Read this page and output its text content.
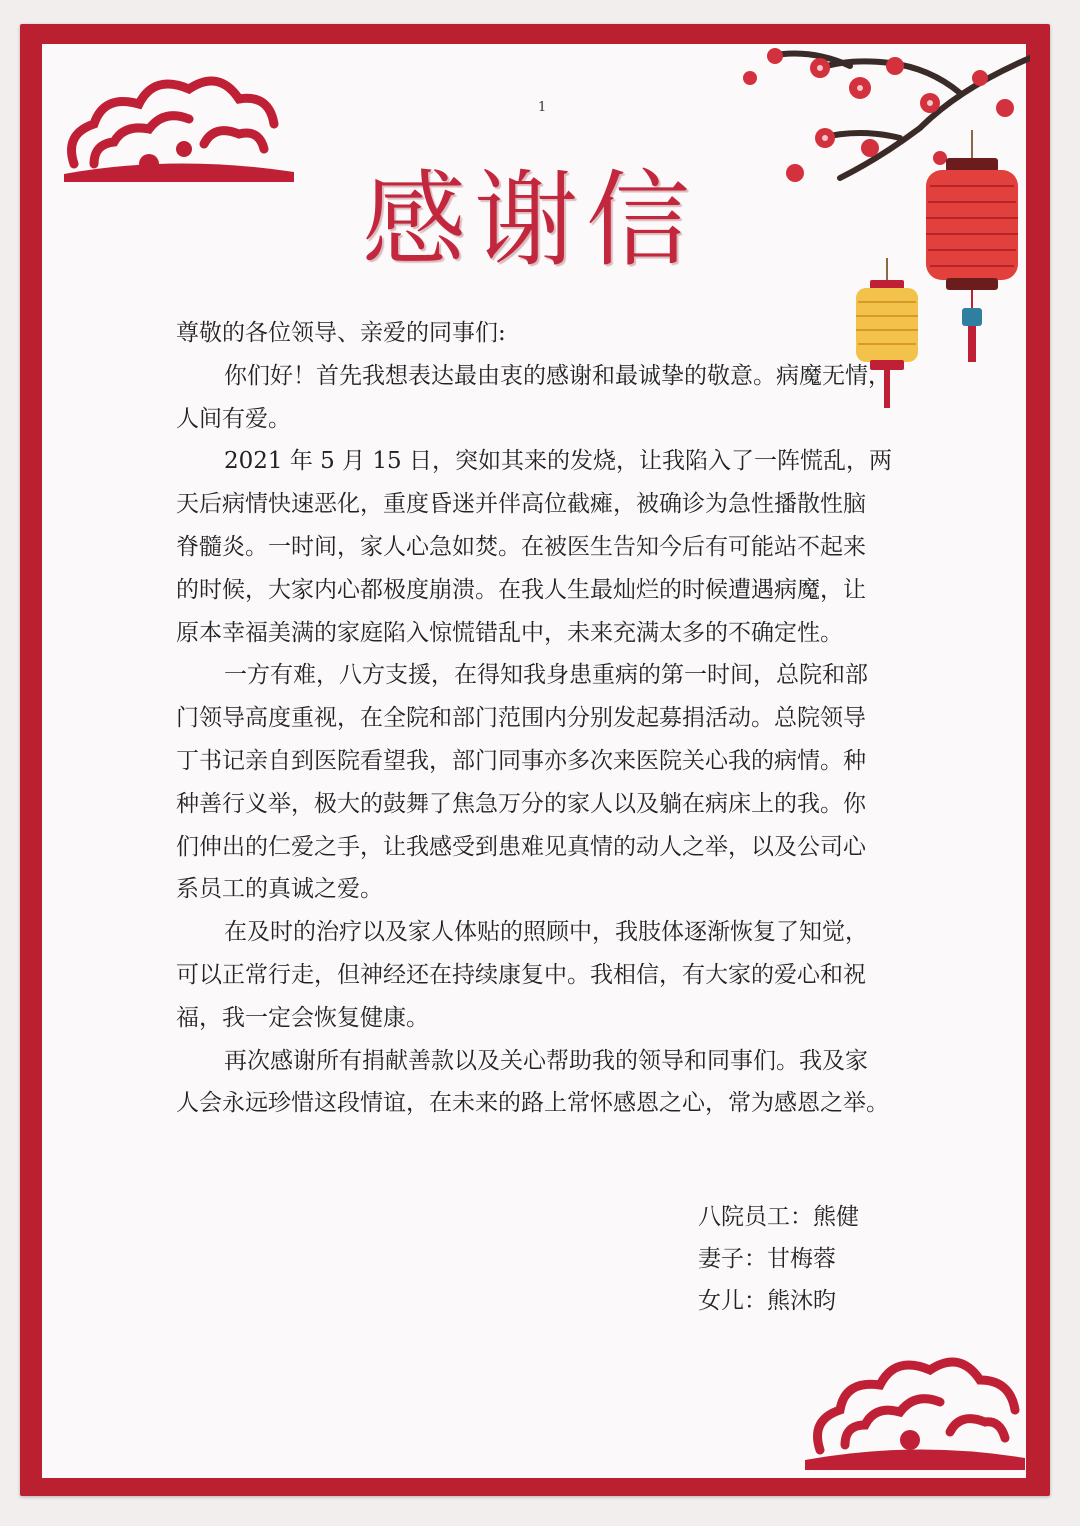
1
感谢信
尊敬的各位领导、亲爱的同事们:
你们好！首先我想表达最由衷的感谢和最诚挚的敬意。病魔无情，
人间有爱。
2021 年 5 月 15 日，突如其来的发烧，让我陷入了一阵慌乱，两
天后病情快速恶化，重度昏迷并伴高位截瘫，被确诊为急性播散性脑
脊髓炎。一时间，家人心急如焚。在被医生告知今后有可能站不起来
的时候，大家内心都极度崩溃。在我人生最灿烂的时候遭遇病魔，让
原本幸福美满的家庭陷入惊慌错乱中，未来充满太多的不确定性。
一方有难，八方支援，在得知我身患重病的第一时间，总院和部
门领导高度重视，在全院和部门范围内分别发起募捐活动。总院领导
丁书记亲自到医院看望我，部门同事亦多次来医院关心我的病情。种
种善行义举，极大的鼓舞了焦急万分的家人以及躺在病床上的我。你
们伸出的仁爱之手，让我感受到患难见真情的动人之举，以及公司心
系员工的真诚之爱。
在及时的治疗以及家人体贴的照顾中，我肢体逐渐恢复了知觉，
可以正常行走，但神经还在持续康复中。我相信，有大家的爱心和祝
福，我一定会恢复健康。
再次感谢所有捐献善款以及关心帮助我的领导和同事们。我及家
人会永远珍惜这段情谊，在未来的路上常怀感恩之心，常为感恩之举。
八院员工：熊健
妻子：甘梅蓉
女儿：熊沐昀
